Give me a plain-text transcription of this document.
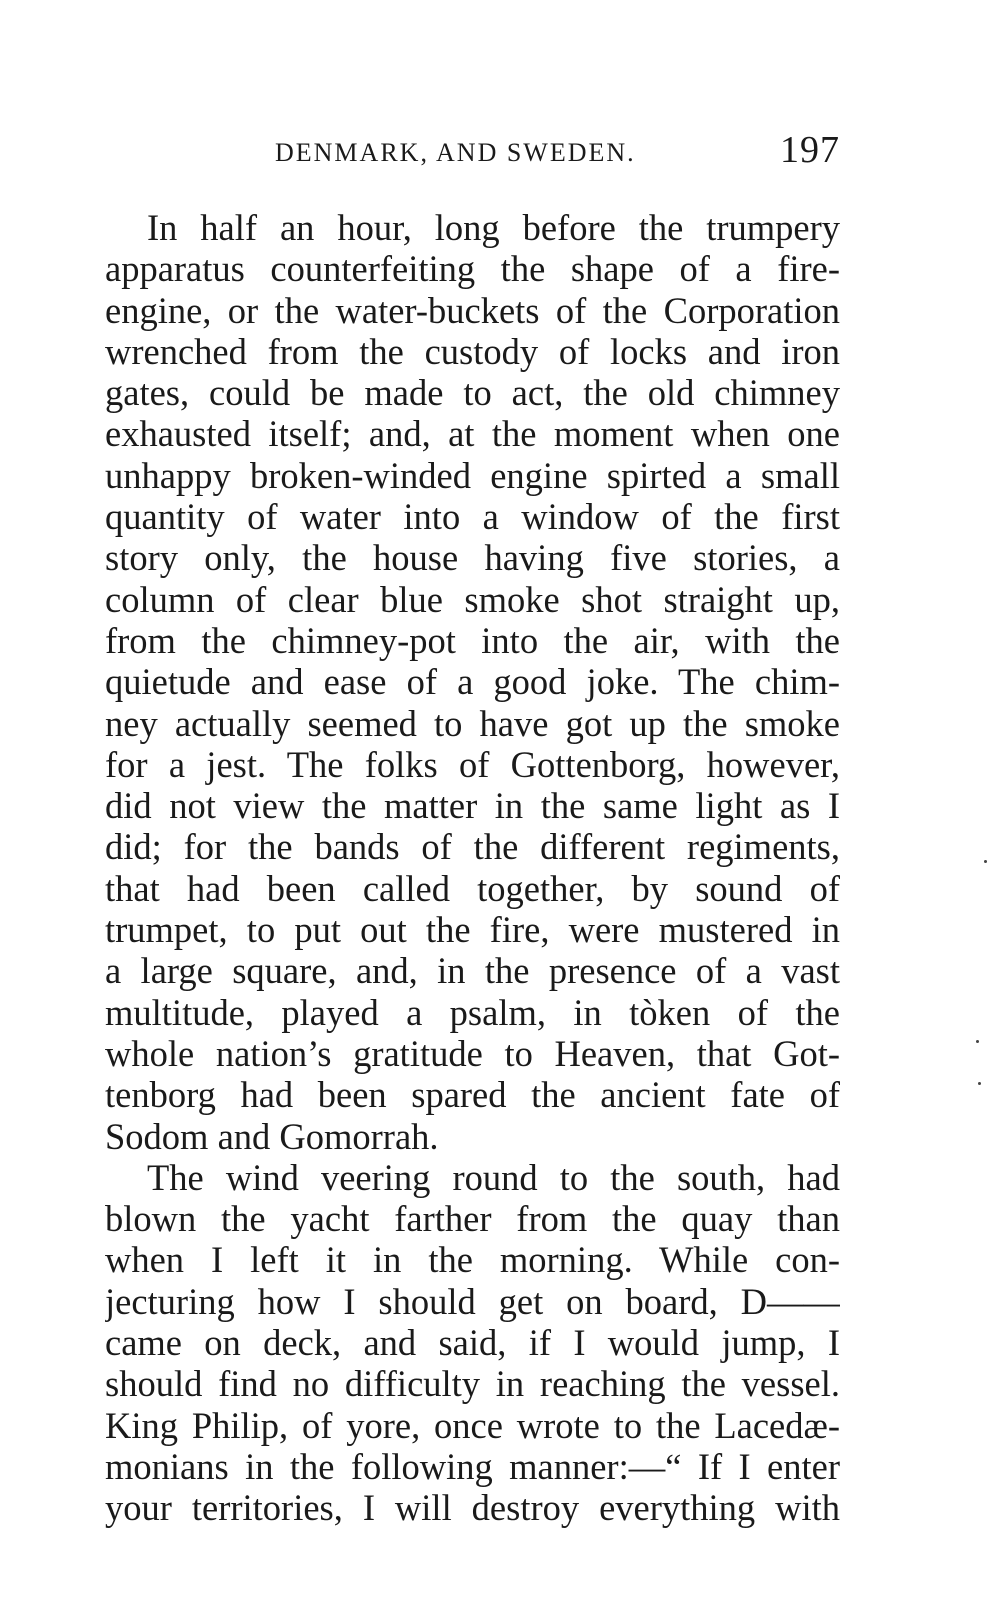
DENMARK, AND SWEDEN.	197
In half an hour, long before the trumpery
apparatus counterfeiting the shape of a fire-
engine, or the water-buckets of the Corporation
wrenched from the custody of locks and iron
gates, could be made to act, the old chimney
exhausted itself; and, at the moment when one
unhappy broken-winded engine spirted a small
quantity of water into a window of the first
story only, the house having five stories, a
column of clear blue smoke shot straight up,
from the chimney-pot into the air, with the
quietude and ease of a good joke. The chim-
ney actually seemed to have got up the smoke
for a jest. The folks of Gottenborg, however,
did not view the matter in the same light as I
did; for the bands of the different regiments,
that had been called together, by sound of
trumpet, to put out the fire, were mustered in
a large square, and, in the presence of a vast
multitude, played a psalm, in tòken of the
whole nation’s gratitude to Heaven, that Got-
tenborg had been spared the ancient fate of
Sodom and Gomorrah.
The wind veering round to the south, had
blown the yacht farther from the quay than
when I left it in the morning. While con-
jecturing how I should get on board, D——
came on deck, and said, if I would jump, I
should find no difficulty in reaching the vessel.
King Philip, of yore, once wrote to the Lacedæ-
monians in the following manner:—“ If I enter
your territories, I will destroy everything with
